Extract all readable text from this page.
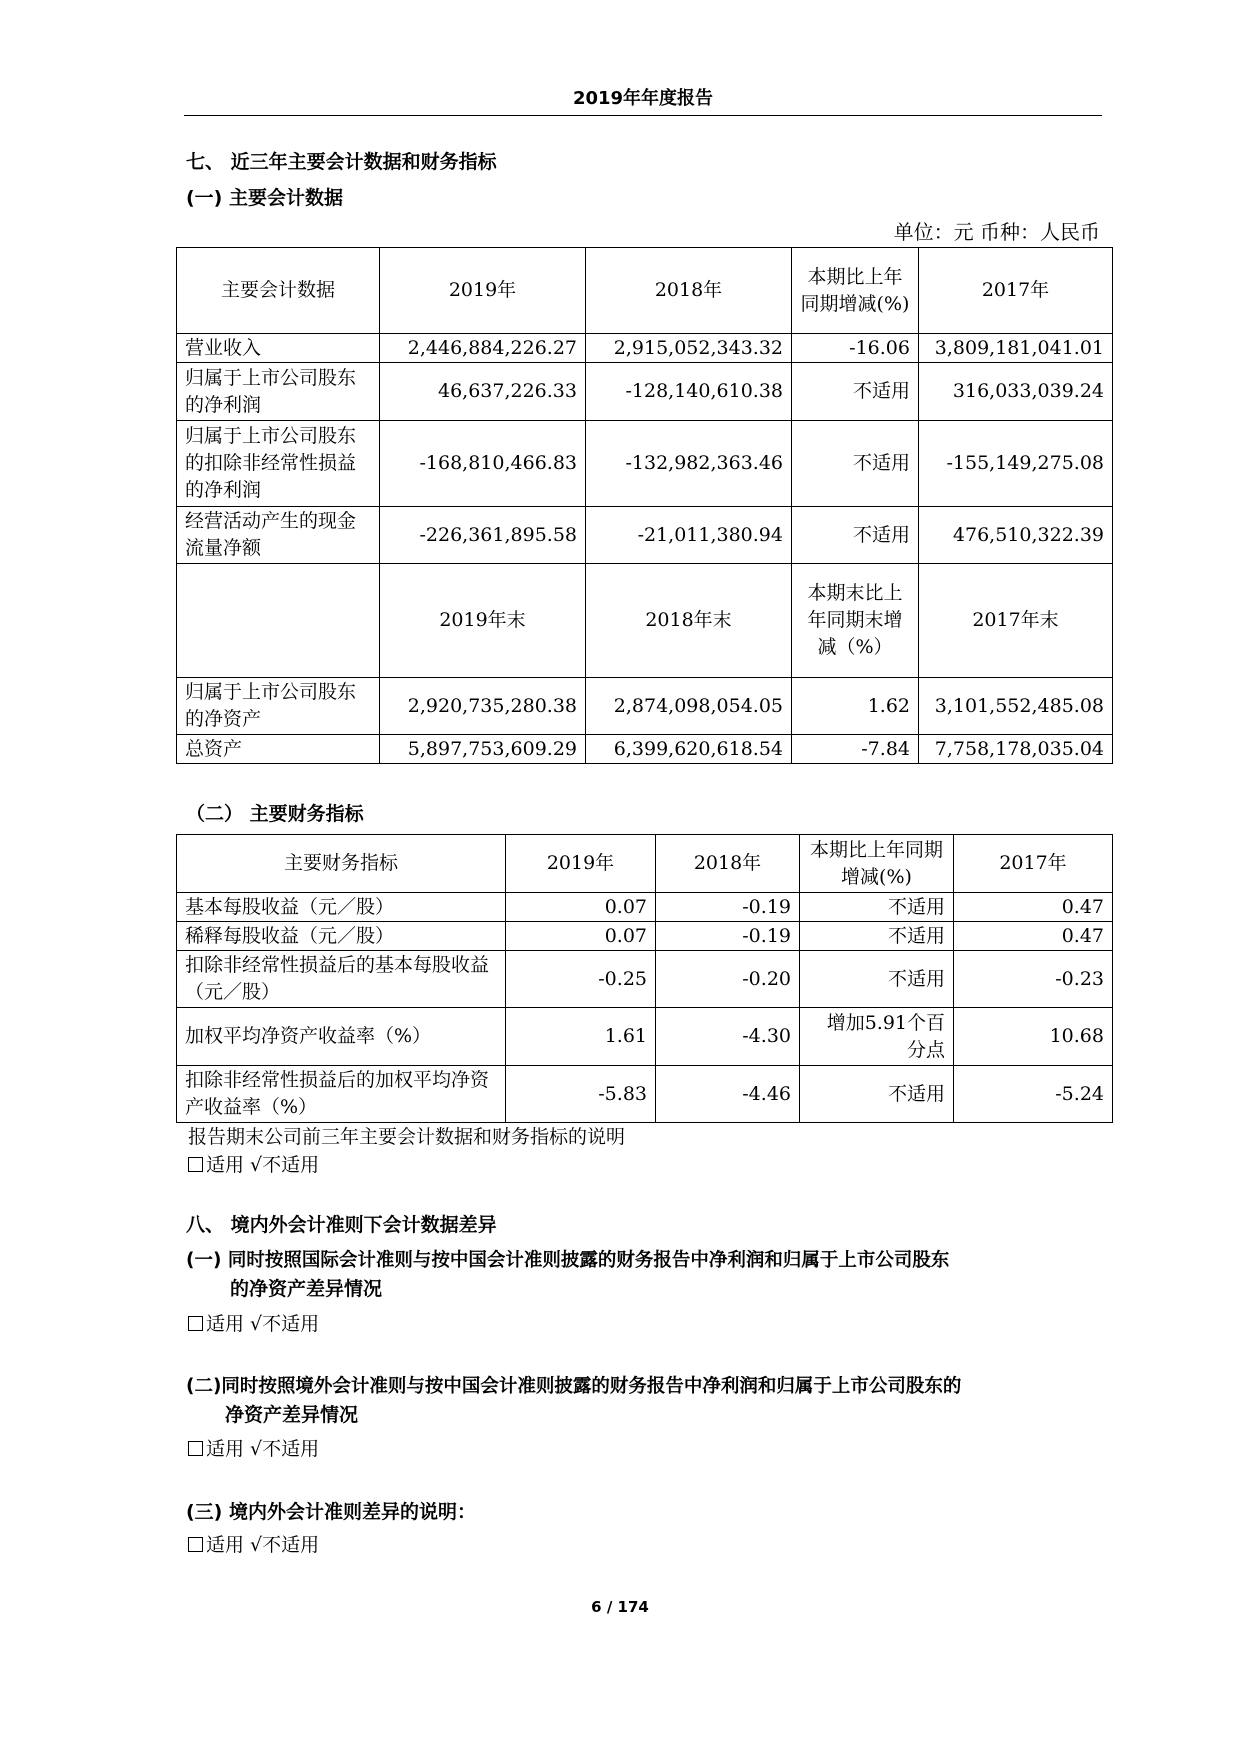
2019年年度报告
七、 近三年主要会计数据和财务指标
(一) 主要会计数据
单位：元 币种：人民币
主要会计数据	2019年	2018年	本期比上年同期增减(%)	2017年
营业收入	2,446,884,226.27	2,915,052,343.32	-16.06	3,809,181,041.01
归属于上市公司股东的净利润	46,637,226.33	-128,140,610.38	不适用	316,033,039.24
归属于上市公司股东的扣除非经常性损益的净利润	-168,810,466.83	-132,982,363.46	不适用	-155,149,275.08
经营活动产生的现金流量净额	-226,361,895.58	-21,011,380.94	不适用	476,510,322.39
	2019年末	2018年末	本期末比上年同期末增减（%）	2017年末
归属于上市公司股东的净资产	2,920,735,280.38	2,874,098,054.05	1.62	3,101,552,485.08
总资产	5,897,753,609.29	6,399,620,618.54	-7.84	7,758,178,035.04
（二） 主要财务指标
主要财务指标	2019年	2018年	本期比上年同期增减(%)	2017年
基本每股收益（元／股）	0.07	-0.19	不适用	0.47
稀释每股收益（元／股）	0.07	-0.19	不适用	0.47
扣除非经常性损益后的基本每股收益（元／股）	-0.25	-0.20	不适用	-0.23
加权平均净资产收益率（%）	1.61	-4.30	增加5.91个百分点	10.68
扣除非经常性损益后的加权平均净资产收益率（%）	-5.83	-4.46	不适用	-5.24
报告期末公司前三年主要会计数据和财务指标的说明
适用 √不适用
八、 境内外会计准则下会计数据差异
(一) 同时按照国际会计准则与按中国会计准则披露的财务报告中净利润和归属于上市公司股东
的净资产差异情况
适用 √不适用
(二)同时按照境外会计准则与按中国会计准则披露的财务报告中净利润和归属于上市公司股东的
净资产差异情况
适用 √不适用
(三) 境内外会计准则差异的说明：
适用 √不适用
6 / 174
